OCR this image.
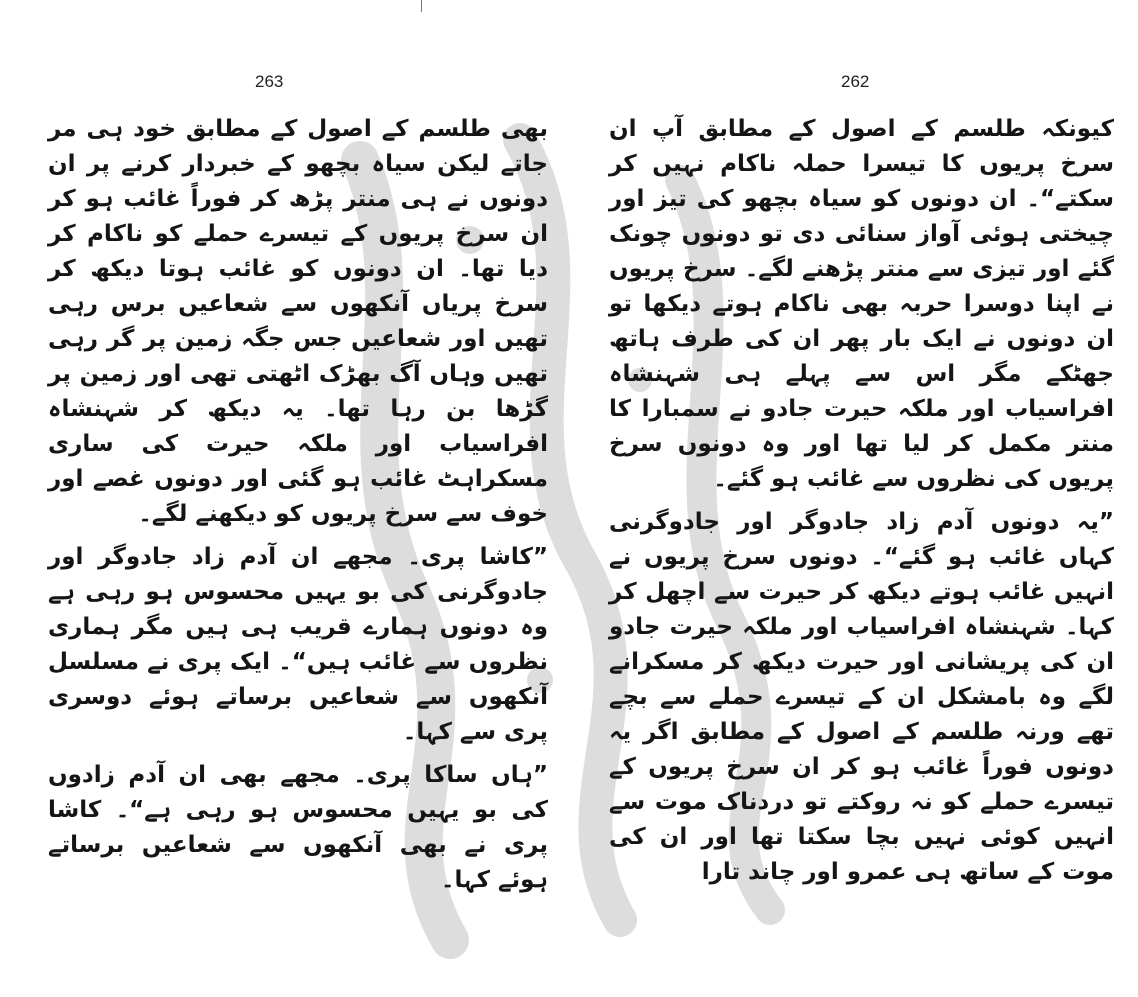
263

بھی طلسم کے اصول کے مطابق خود ہی مر جاتے لیکن سیاہ بچھو کے خبردار کرنے پر ان دونوں نے ہی منتر پڑھ کر فوراً غائب ہو کر ان سرخ پریوں کے تیسرے حملے کو ناکام کر دیا تھا۔ ان دونوں کو غائب ہوتا دیکھ کر سرخ پریاں آنکھوں سے شعاعیں برس رہی تھیں اور شعاعیں جس جگہ زمین پر گر رہی تھیں وہاں آگ بھڑک اٹھتی تھی اور زمین پر گڑھا بن رہا تھا۔ یہ دیکھ کر شہنشاہ افراسیاب اور ملکہ حیرت کی ساری مسکراہٹ غائب ہو گئی اور دونوں غصے اور خوف سے سرخ پریوں کو دیکھنے لگے۔

”کاشا پری۔ مجھے ان آدم زاد جادوگر اور جادوگرنی کی بو یہیں محسوس ہو رہی ہے وہ دونوں ہمارے قریب ہی ہیں مگر ہماری نظروں سے غائب ہیں“۔ ایک پری نے مسلسل آنکھوں سے شعاعیں برساتے ہوئے دوسری پری سے کہا۔

”ہاں ساکا پری۔ مجھے بھی ان آدم زادوں کی بو یہیں محسوس ہو رہی ہے“۔ کاشا پری نے بھی آنکھوں سے شعاعیں برساتے ہوئے کہا۔

262

کیونکہ طلسم کے اصول کے مطابق آپ ان سرخ پریوں کا تیسرا حملہ ناکام نہیں کر سکتے“۔ ان دونوں کو سیاہ بچھو کی تیز اور چیختی ہوئی آواز سنائی دی تو دونوں چونک گئے اور تیزی سے منتر پڑھنے لگے۔ سرخ پریوں نے اپنا دوسرا حربہ بھی ناکام ہوتے دیکھا تو ان دونوں نے ایک بار پھر ان کی طرف ہاتھ جھٹکے مگر اس سے پہلے ہی شہنشاہ افراسیاب اور ملکہ حیرت جادو نے سمبارا کا منتر مکمل کر لیا تھا اور وہ دونوں سرخ پریوں کی نظروں سے غائب ہو گئے۔

”یہ دونوں آدم زاد جادوگر اور جادوگرنی کہاں غائب ہو گئے“۔ دونوں سرخ پریوں نے انہیں غائب ہوتے دیکھ کر حیرت سے اچھل کر کہا۔ شہنشاہ افراسیاب اور ملکہ حیرت جادو ان کی پریشانی اور حیرت دیکھ کر مسکرانے لگے وہ بامشکل ان کے تیسرے حملے سے بچے تھے ورنہ طلسم کے اصول کے مطابق اگر یہ دونوں فوراً غائب ہو کر ان سرخ پریوں کے تیسرے حملے کو نہ روکتے تو دردناک موت سے انہیں کوئی نہیں بچا سکتا تھا اور ان کی موت کے ساتھ ہی عمرو اور چاند تارا
